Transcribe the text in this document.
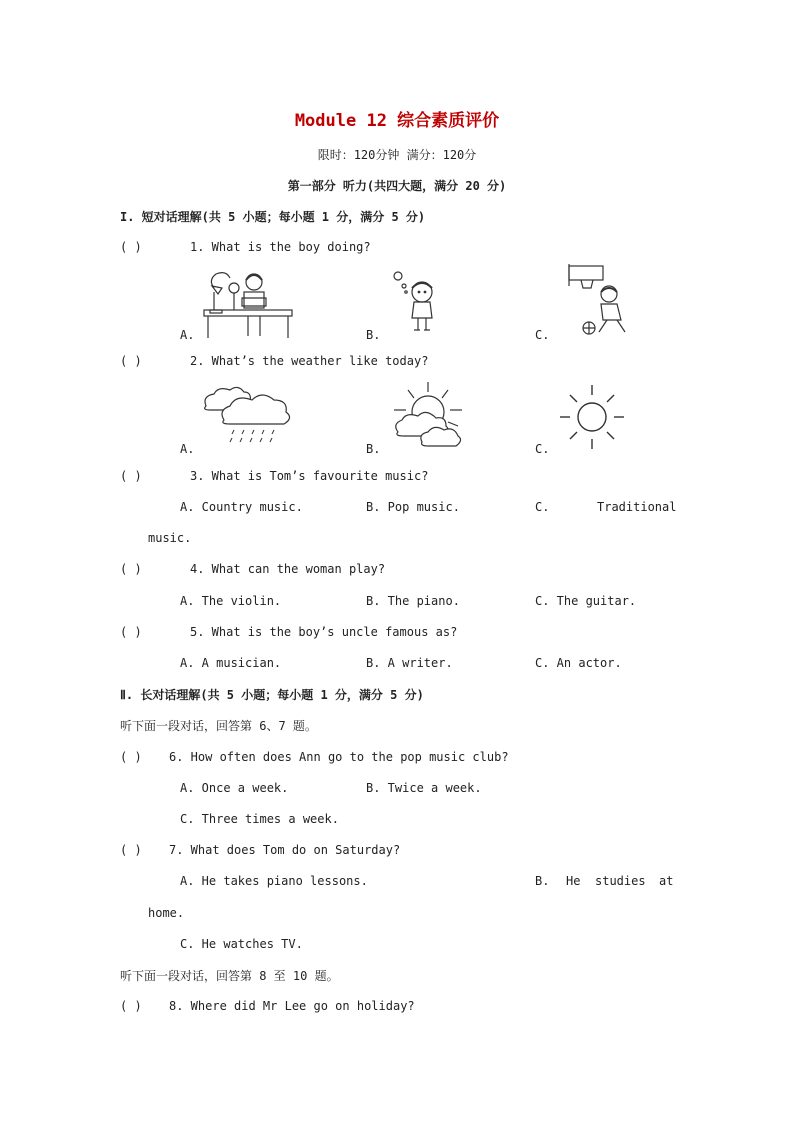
Module 12 综合素质评价
限时：120分钟 满分：120分
第一部分 听力(共四大题，满分 20 分)
I. 短对话理解(共 5 小题；每小题 1 分，满分 5 分)
( )	1. What is the boy doing?
A.	B.	C.
( )	2. What’s the weather like today?
A.	B.	C.
( )	3. What is Tom’s favourite music?
A. Country music.	B. Pop music.	C.	Traditional
music.
( )	4. What can the woman play?
A. The violin.	B. The piano.	C. The guitar.
( )	5. What is the boy’s uncle famous as?
A. A musician.	B. A writer.	C. An actor.
Ⅱ. 长对话理解(共 5 小题；每小题 1 分，满分 5 分)
听下面一段对话，回答第 6、7 题。
( ) 6. How often does Ann go to the pop music club?
A. Once a week.	B. Twice a week.
C. Three times a week.
( ) 7. What does Tom do on Saturday?
A. He takes piano lessons.	B. He studies at
home.
C. He watches TV.
听下面一段对话，回答第 8 至 10 题。
( ) 8. Where did Mr Lee go on holiday?
